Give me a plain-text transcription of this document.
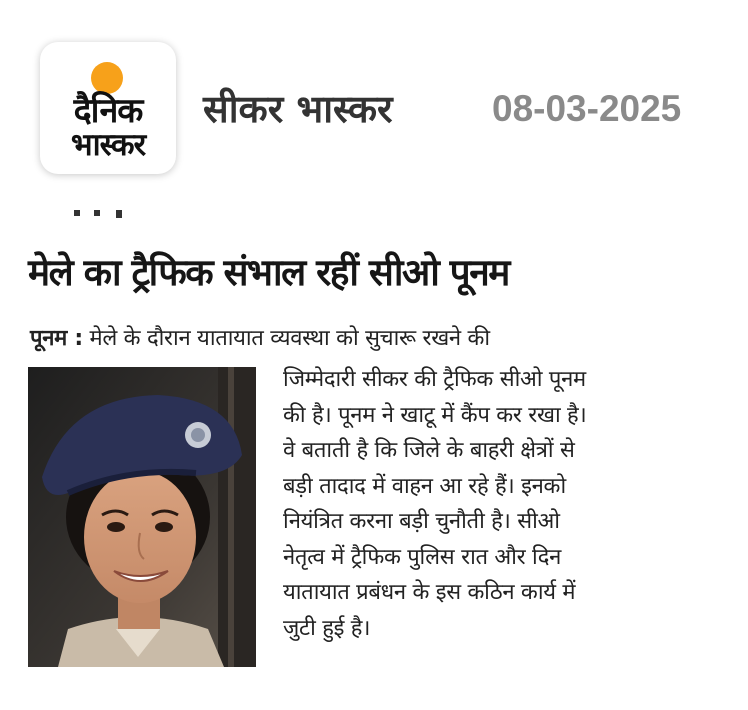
दैनिक
भास्कर
सीकर भास्कर	08-03-2025
मेले का ट्रैफिक संभाल रहीं सीओ पूनम
पूनम : मेले के दौरान यातायात व्यवस्था को सुचारू रखने की
जिम्मेदारी सीकर की ट्रैफिक सीओ पूनम
की है। पूनम ने खाटू में कैंप कर रखा है।
वे बताती है कि जिले के बाहरी क्षेत्रों से
बड़ी तादाद में वाहन आ रहे हैं। इनको
नियंत्रित करना बड़ी चुनौती है। सीओ
नेतृत्व में ट्रैफिक पुलिस रात और दिन
यातायात प्रबंधन के इस कठिन कार्य में
जुटी हुई है।
